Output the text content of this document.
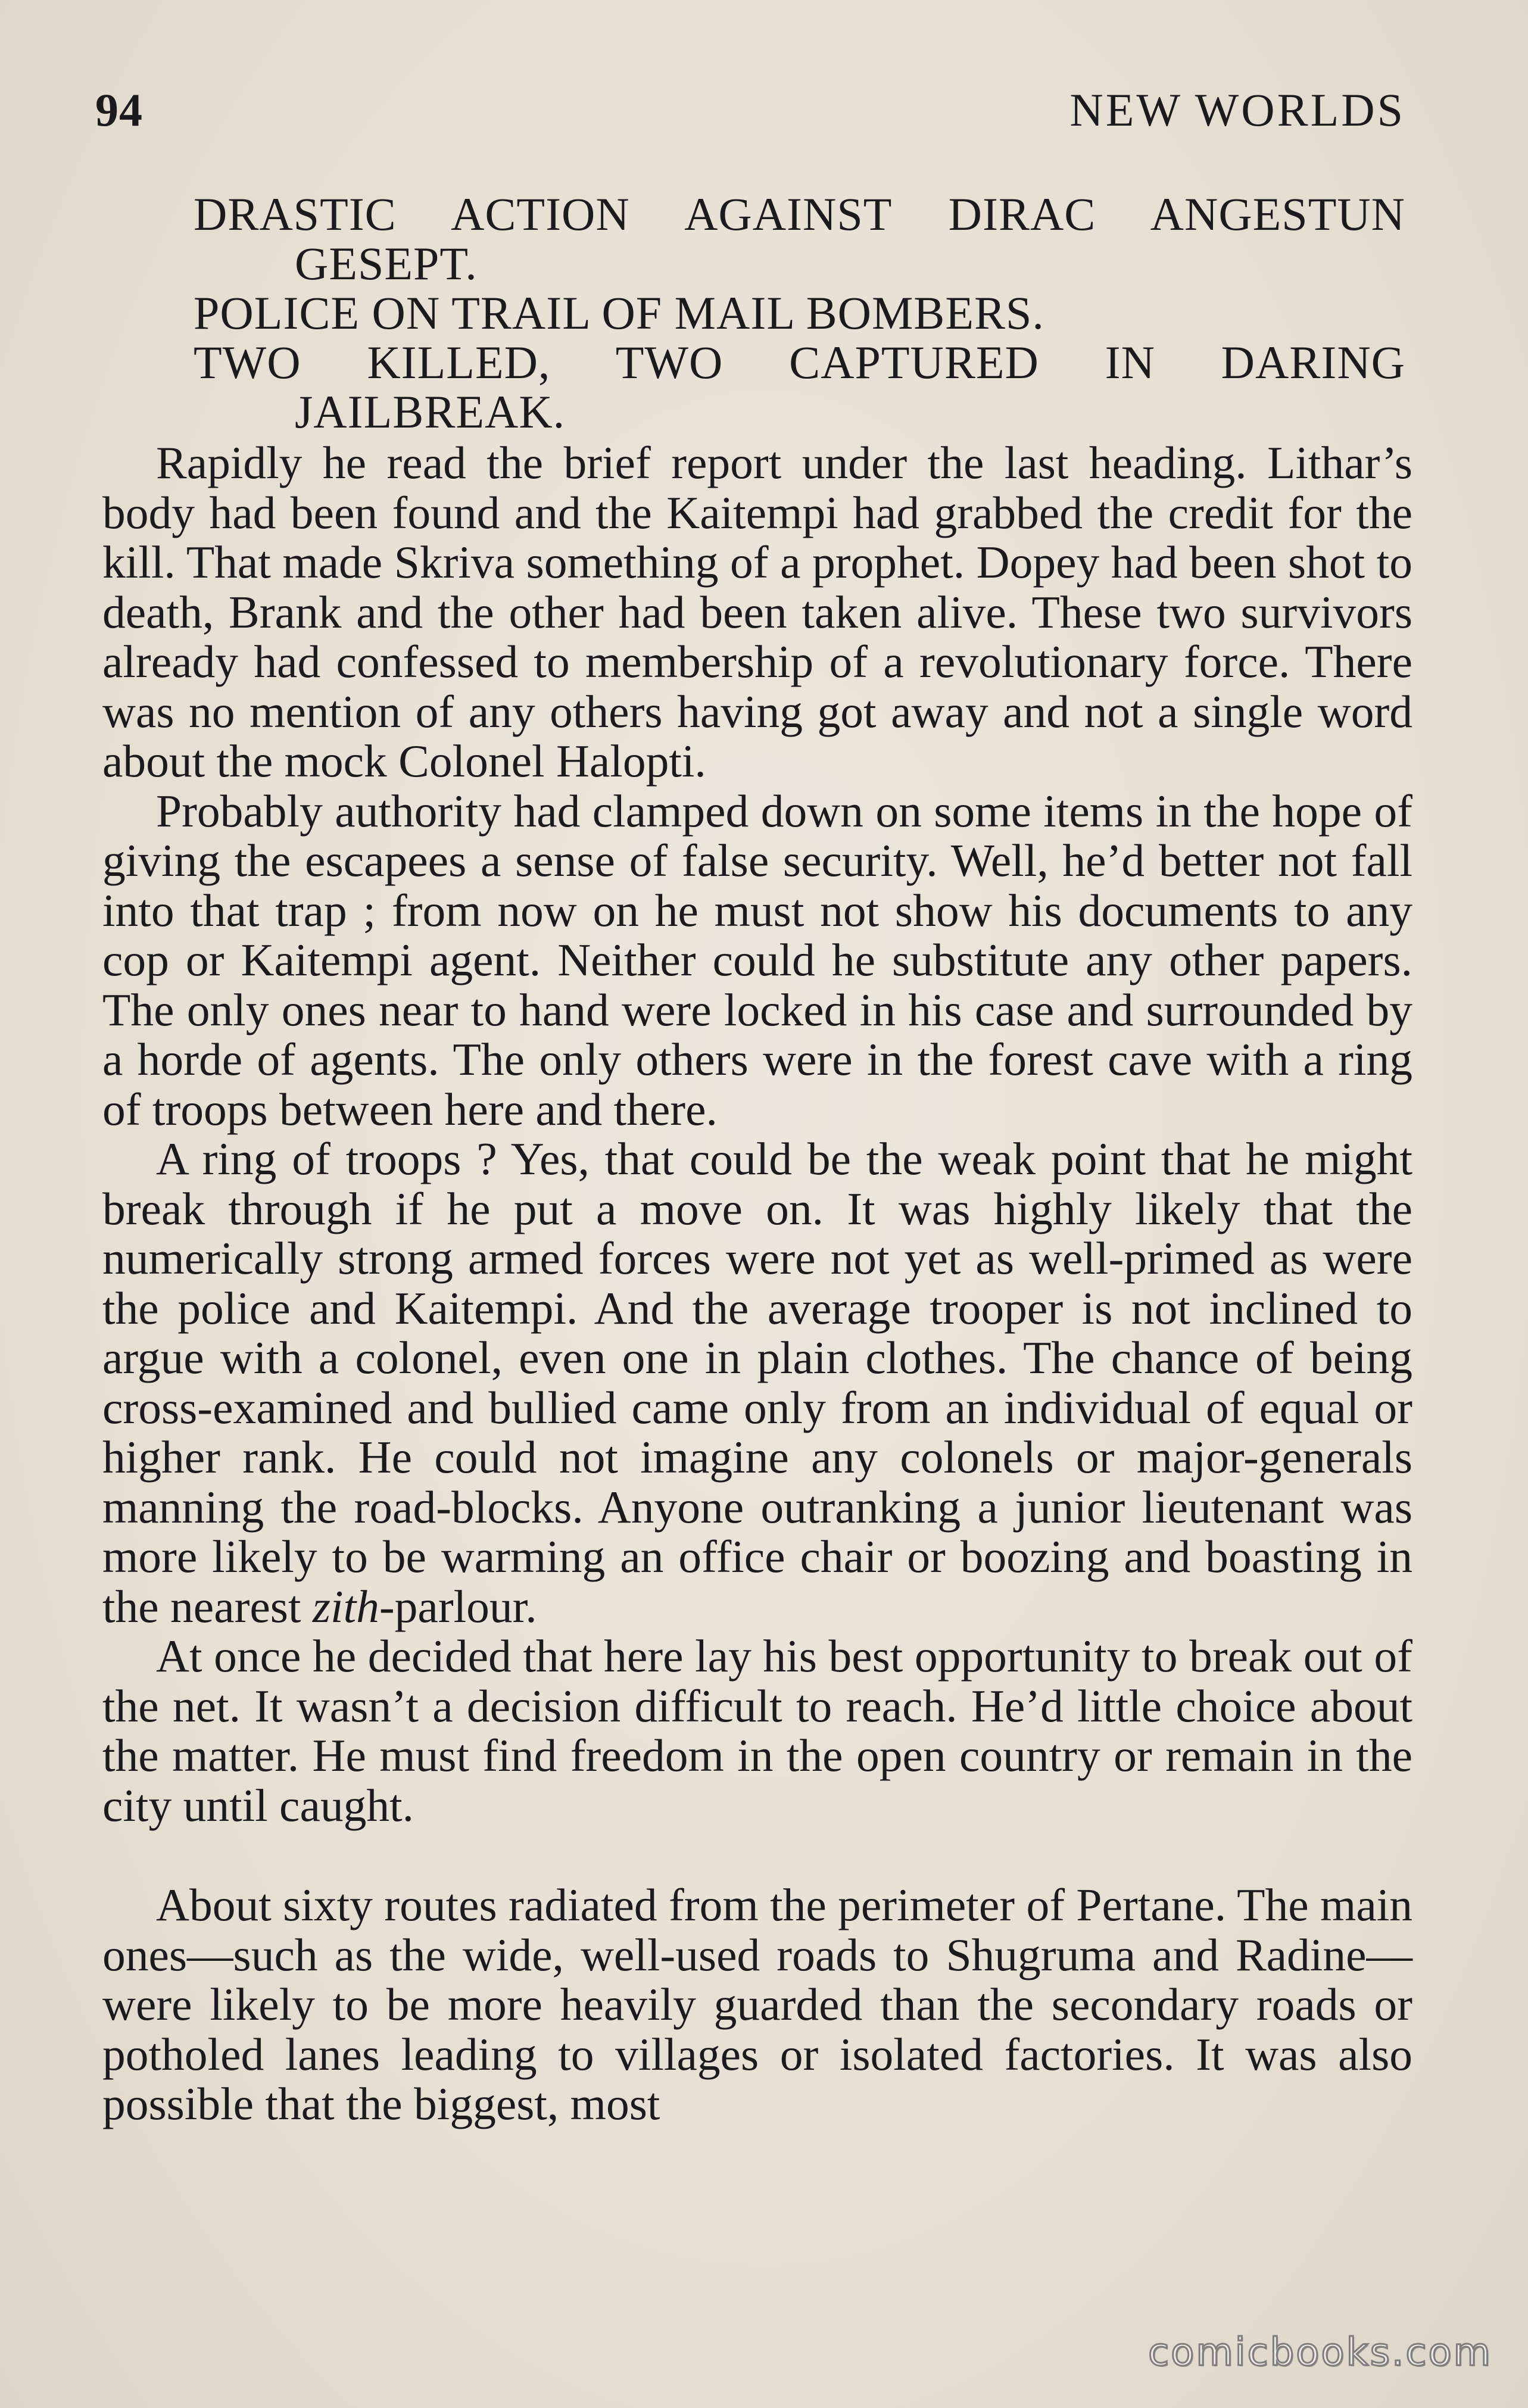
94	NEW WORLDS

DRASTIC ACTION AGAINST DIRAC ANGESTUN GESEPT.

POLICE ON TRAIL OF MAIL BOMBERS.

TWO KILLED, TWO CAPTURED IN DARING JAILBREAK.

Rapidly he read the brief report under the last heading. Lithar’s body had been found and the Kaitempi had grabbed the credit for the kill. That made Skriva something of a prophet. Dopey had been shot to death, Brank and the other had been taken alive. These two survivors already had confessed to membership of a revolutionary force. There was no mention of any others having got away and not a single word about the mock Colonel Halopti.

Probably authority had clamped down on some items in the hope of giving the escapees a sense of false security. Well, he’d better not fall into that trap ; from now on he must not show his documents to any cop or Kaitempi agent. Neither could he substitute any other papers. The only ones near to hand were locked in his case and surrounded by a horde of agents. The only others were in the forest cave with a ring of troops between here and there.

A ring of troops ? Yes, that could be the weak point that he might break through if he put a move on. It was highly likely that the numerically strong armed forces were not yet as well-primed as were the police and Kaitempi. And the average trooper is not inclined to argue with a colonel, even one in plain clothes. The chance of being cross-examined and bullied came only from an individual of equal or higher rank. He could not imagine any colonels or major-generals manning the road-blocks. Anyone outranking a junior lieutenant was more likely to be warming an office chair or boozing and boasting in the nearest zith-parlour.

At once he decided that here lay his best opportunity to break out of the net. It wasn’t a decision difficult to reach. He’d little choice about the matter. He must find freedom in the open country or remain in the city until caught.

About sixty routes radiated from the perimeter of Pertane. The main ones—such as the wide, well-used roads to Shugruma and Radine—were likely to be more heavily guarded than the secondary roads or potholed lanes leading to villages or isolated factories. It was also possible that the biggest, most

comicbooks.com
